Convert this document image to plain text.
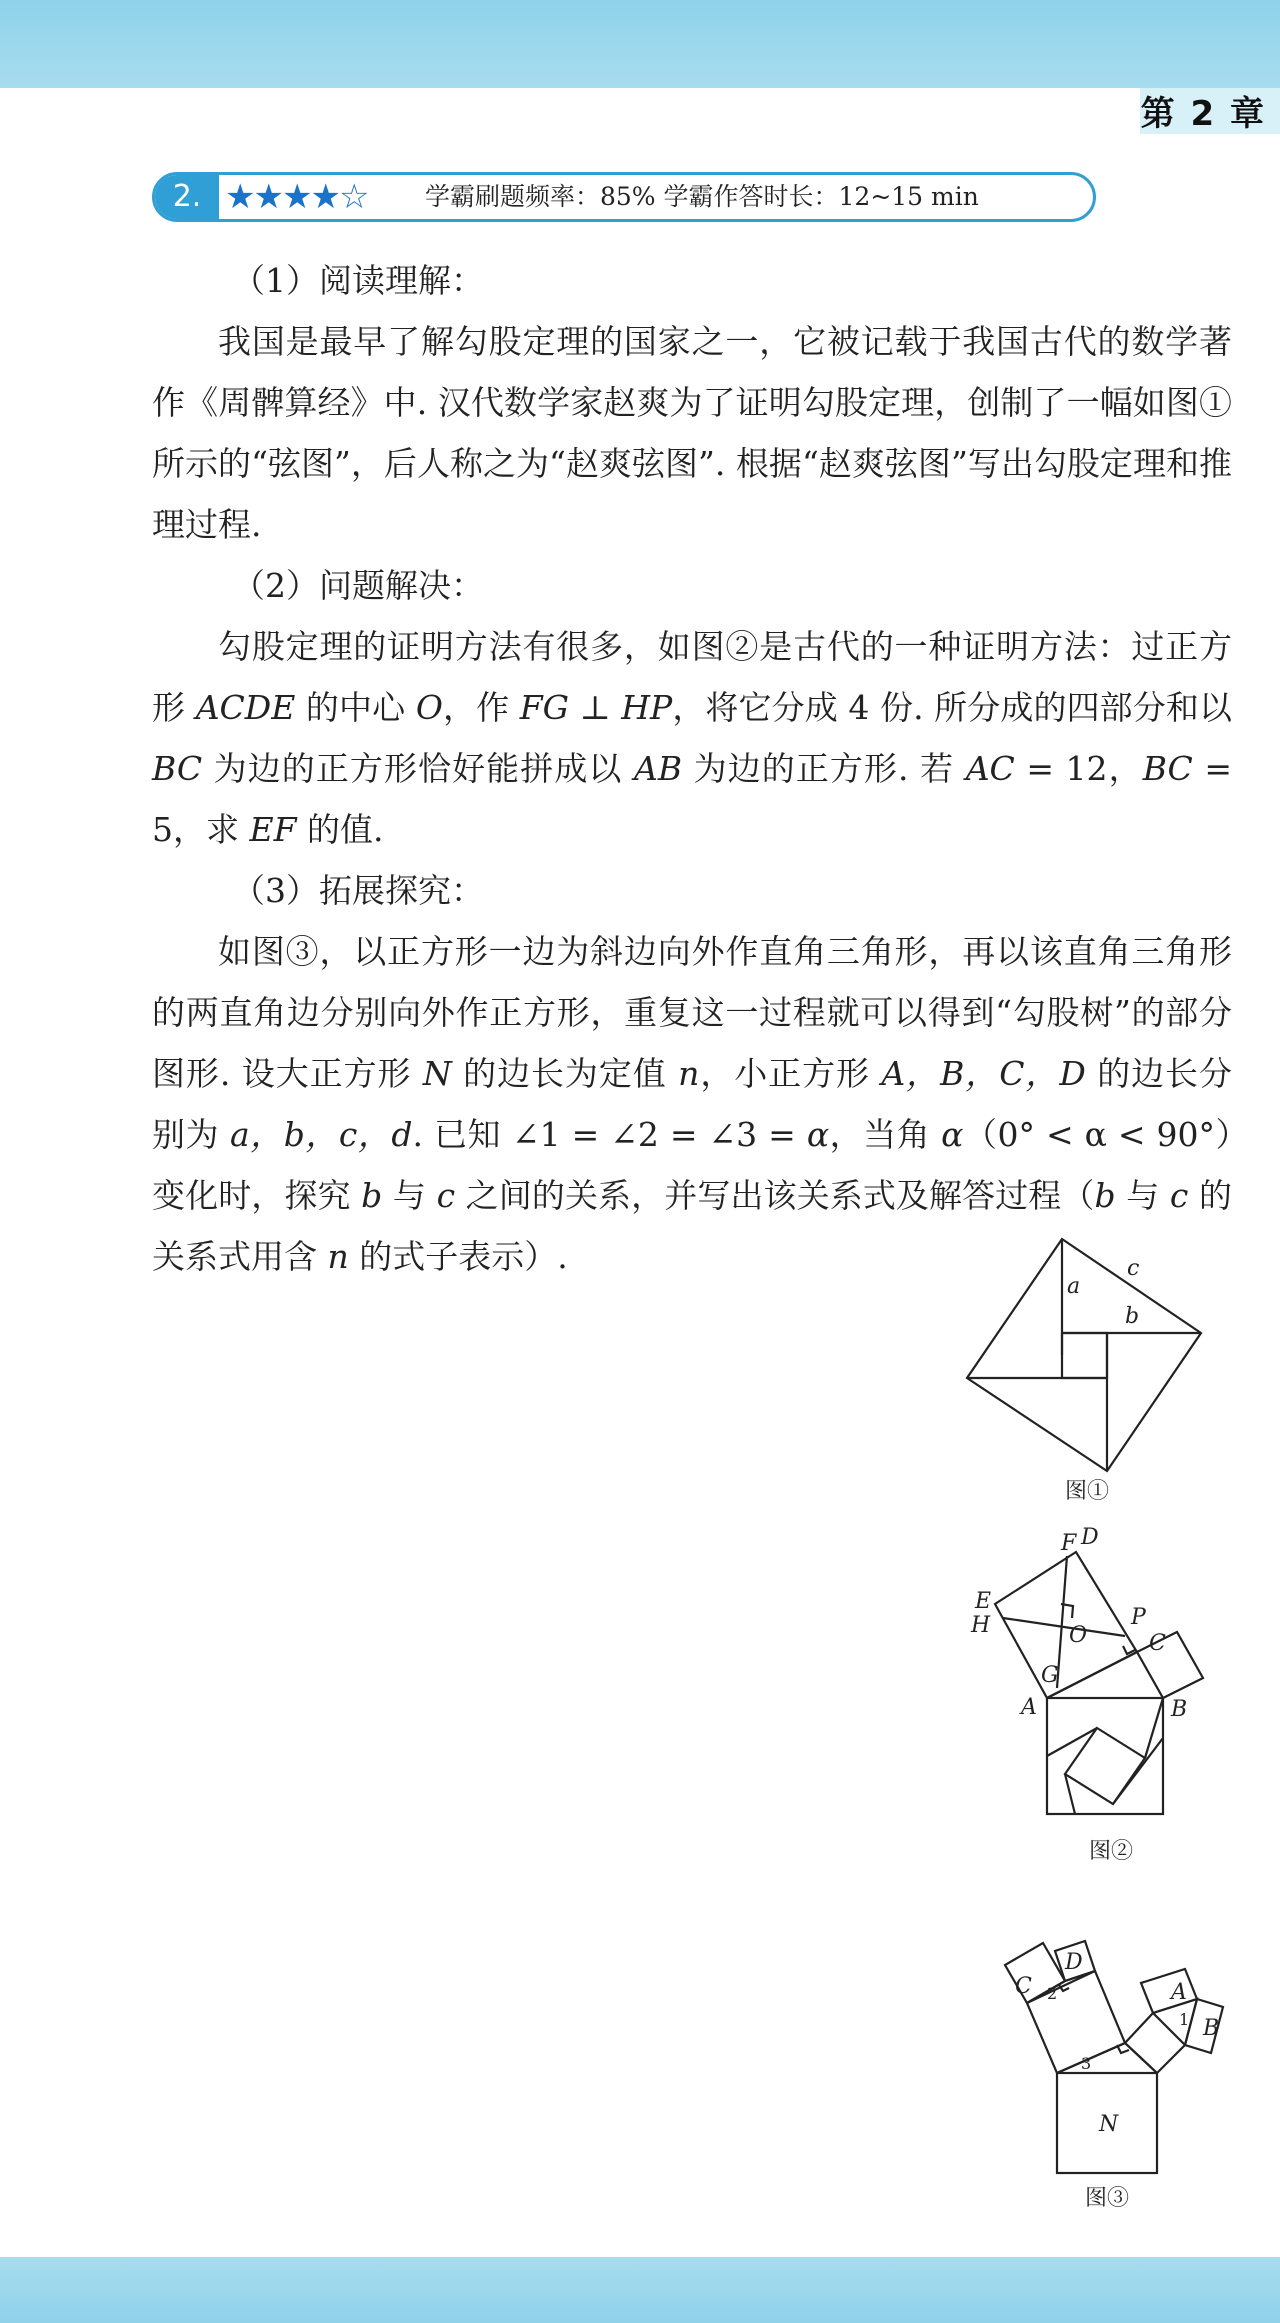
第 2 章
2. ★★★★☆ 学霸刷题频率：85% 学霸作答时长：12~15 min

（1）阅读理解：

我国是最早了解勾股定理的国家之一，它被记载于我国古代的数学著作《周髀算经》中. 汉代数学家赵爽为了证明勾股定理，创制了一幅如图①所示的“弦图”，后人称之为“赵爽弦图”. 根据“赵爽弦图”写出勾股定理和推理过程.

（2）问题解决：

勾股定理的证明方法有很多，如图②是古代的一种证明方法：过正方形 ACDE 的中心 O，作 FG ⊥ HP，将它分成 4 份. 所分成的四部分和以 BC 为边的正方形恰好能拼成以 AB 为边的正方形. 若 AC = 12，BC = 5，求 EF 的值.

（3）拓展探究：

如图③，以正方形一边为斜边向外作直角三角形，再以该直角三角形的两直角边分别向外作正方形，重复这一过程就可以得到“勾股树”的部分图形. 设大正方形 N 的边长为定值 n，小正方形 A，B，C，D 的边长分别为 a，b，c，d. 已知 ∠1 = ∠2 = ∠3 = α，当角 α（0° < α < 90°）变化时，探究 b 与 c 之间的关系，并写出该关系式及解答过程（b 与 c 的关系式用含 n 的式子表示）.

a
b
c
图①
F D
E
H	O
P
C
G
A	B
图②
C
D
2	A
1 B
3
N
图③
